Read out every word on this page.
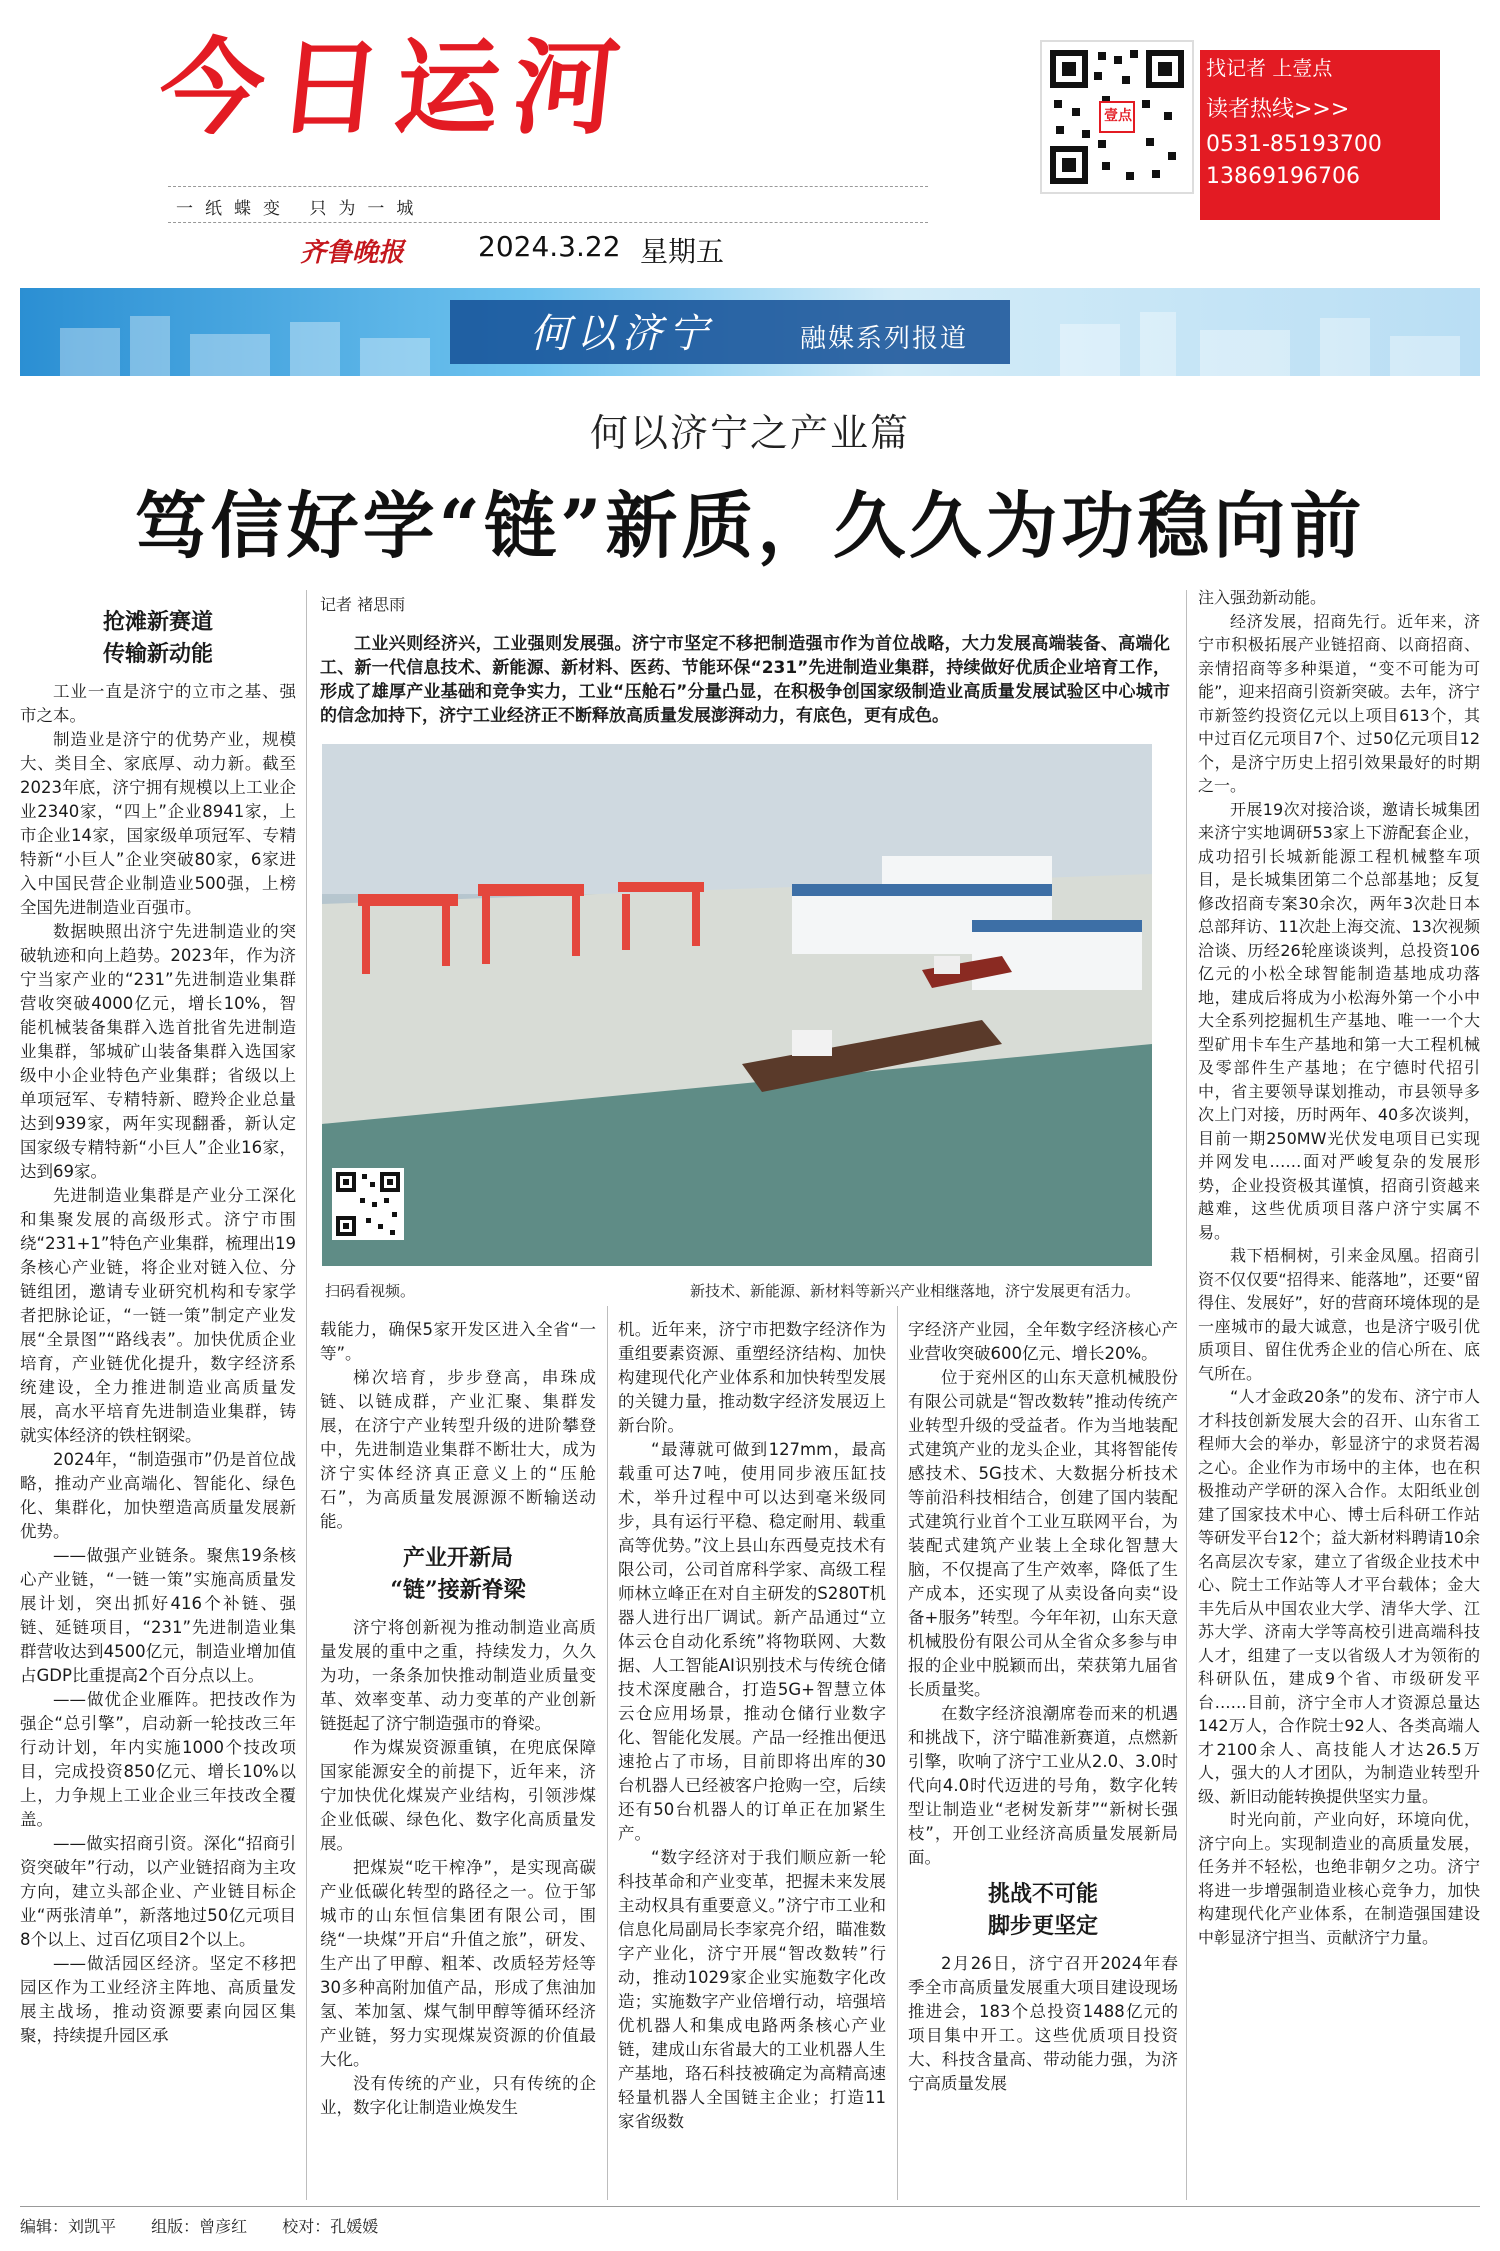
今日运河
一纸蝶变 只为一城
齐鲁晚报	2024.3.22 星期五
壹点
找记者 上壹点
读者热线>>>
0531-85193700
13869196706
何以济宁	融媒系列报道
何以济宁之产业篇
笃信好学“链”新质，久久为功稳向前
记者 褚思雨
工业兴则经济兴，工业强则发展强。济宁市坚定不移把制造强市作为首位战略，大力发展高端装备、高端化工、新一代信息技术、新能源、新材料、医药、节能环保“231”先进制造业集群，持续做好优质企业培育工作，形成了雄厚产业基础和竞争实力，工业“压舱石”分量凸显，在积极争创国家级制造业高质量发展试验区中心城市的信念加持下，济宁工业经济正不断释放高质量发展澎湃动力，有底色，更有成色。
扫码看视频。	新技术、新能源、新材料等新兴产业相继落地，济宁发展更有活力。
抢滩新赛道
传输新动能

工业一直是济宁的立市之基、强市之本。

制造业是济宁的优势产业，规模大、类目全、家底厚、动力新。截至2023年底，济宁拥有规模以上工业企业2340家，“四上”企业8941家，上市企业14家，国家级单项冠军、专精特新“小巨人”企业突破80家，6家进入中国民营企业制造业500强，上榜全国先进制造业百强市。

数据映照出济宁先进制造业的突破轨迹和向上趋势。2023年，作为济宁当家产业的“231”先进制造业集群营收突破4000亿元，增长10%，智能机械装备集群入选首批省先进制造业集群，邹城矿山装备集群入选国家级中小企业特色产业集群；省级以上单项冠军、专精特新、瞪羚企业总量达到939家，两年实现翻番，新认定国家级专精特新“小巨人”企业16家，达到69家。

先进制造业集群是产业分工深化和集聚发展的高级形式。济宁市围绕“231+1”特色产业集群，梳理出19条核心产业链，将企业对链入位、分链组团，邀请专业研究机构和专家学者把脉论证，“一链一策”制定产业发展“全景图”“路线表”。加快优质企业培育，产业链优化提升，数字经济系统建设，全力推进制造业高质量发展，高水平培育先进制造业集群，铸就实体经济的铁柱钢梁。

2024年，“制造强市”仍是首位战略，推动产业高端化、智能化、绿色化、集群化，加快塑造高质量发展新优势。

——做强产业链条。聚焦19条核心产业链，“一链一策”实施高质量发展计划，突出抓好416个补链、强链、延链项目，“231”先进制造业集群营收达到4500亿元，制造业增加值占GDP比重提高2个百分点以上。

——做优企业雁阵。把技改作为强企“总引擎”，启动新一轮技改三年行动计划，年内实施1000个技改项目，完成投资850亿元、增长10%以上，力争规上工业企业三年技改全覆盖。

——做实招商引资。深化“招商引资突破年”行动，以产业链招商为主攻方向，建立头部企业、产业链目标企业“两张清单”，新落地过50亿元项目8个以上、过百亿项目2个以上。

——做活园区经济。坚定不移把园区作为工业经济主阵地、高质量发展主战场，推动资源要素向园区集聚，持续提升园区承

载能力，确保5家开发区进入全省“一等”。

梯次培育，步步登高，串珠成链、以链成群，产业汇聚、集群发展，在济宁产业转型升级的进阶攀登中，先进制造业集群不断壮大，成为济宁实体经济真正意义上的“压舱石”，为高质量发展源源不断输送动能。

产业开新局
“链”接新脊梁

济宁将创新视为推动制造业高质量发展的重中之重，持续发力，久久为功，一条条加快推动制造业质量变革、效率变革、动力变革的产业创新链挺起了济宁制造强市的脊梁。

作为煤炭资源重镇，在兜底保障国家能源安全的前提下，近年来，济宁加快优化煤炭产业结构，引领涉煤企业低碳、绿色化、数字化高质量发展。

把煤炭“吃干榨净”，是实现高碳产业低碳化转型的路径之一。位于邹城市的山东恒信集团有限公司，围绕“一块煤”开启“升值之旅”，研发、生产出了甲醇、粗苯、改质轻芳烃等30多种高附加值产品，形成了焦油加氢、苯加氢、煤气制甲醇等循环经济产业链，努力实现煤炭资源的价值最大化。

没有传统的产业，只有传统的企业，数字化让制造业焕发生

机。近年来，济宁市把数字经济作为重组要素资源、重塑经济结构、加快构建现代化产业体系和加快转型发展的关键力量，推动数字经济发展迈上新台阶。

“最薄就可做到127mm，最高载重可达7吨，使用同步液压缸技术，举升过程中可以达到毫米级同步，具有运行平稳、稳定耐用、载重高等优势。”汶上县山东西曼克技术有限公司，公司首席科学家、高级工程师林立峰正在对自主研发的S280T机器人进行出厂调试。新产品通过“立体云仓自动化系统”将物联网、大数据、人工智能AI识别技术与传统仓储技术深度融合，打造5G+智慧立体云仓应用场景，推动仓储行业数字化、智能化发展。产品一经推出便迅速抢占了市场，目前即将出库的30台机器人已经被客户抢购一空，后续还有50台机器人的订单正在加紧生产。

“数字经济对于我们顺应新一轮科技革命和产业变革，把握未来发展主动权具有重要意义。”济宁市工业和信息化局副局长李家亮介绍，瞄准数字产业化，济宁开展“智改数转”行动，推动1029家企业实施数字化改造；实施数字产业倍增行动，培强培优机器人和集成电路两条核心产业链，建成山东省最大的工业机器人生产基地，珞石科技被确定为高精高速轻量机器人全国链主企业；打造11家省级数

字经济产业园，全年数字经济核心产业营收突破600亿元、增长20%。

位于兖州区的山东天意机械股份有限公司就是“智改数转”推动传统产业转型升级的受益者。作为当地装配式建筑产业的龙头企业，其将智能传感技术、5G技术、大数据分析技术等前沿科技相结合，创建了国内装配式建筑行业首个工业互联网平台，为装配式建筑产业装上全球化智慧大脑，不仅提高了生产效率，降低了生产成本，还实现了从卖设备向卖“设备+服务”转型。今年年初，山东天意机械股份有限公司从全省众多参与申报的企业中脱颖而出，荣获第九届省长质量奖。

在数字经济浪潮席卷而来的机遇和挑战下，济宁瞄准新赛道，点燃新引擎，吹响了济宁工业从2.0、3.0时代向4.0时代迈进的号角，数字化转型让制造业“老树发新芽”“新树长强枝”，开创工业经济高质量发展新局面。

挑战不可能
脚步更坚定

2月26日，济宁召开2024年春季全市高质量发展重大项目建设现场推进会，183个总投资1488亿元的项目集中开工。这些优质项目投资大、科技含量高、带动能力强，为济宁高质量发展

注入强劲新动能。

经济发展，招商先行。近年来，济宁市积极拓展产业链招商、以商招商、亲情招商等多种渠道，“变不可能为可能”，迎来招商引资新突破。去年，济宁市新签约投资亿元以上项目613个，其中过百亿元项目7个、过50亿元项目12个，是济宁历史上招引效果最好的时期之一。

开展19次对接洽谈，邀请长城集团来济宁实地调研53家上下游配套企业，成功招引长城新能源工程机械整车项目，是长城集团第二个总部基地；反复修改招商专案30余次，两年3次赴日本总部拜访、11次赴上海交流、13次视频洽谈、历经26轮座谈谈判，总投资106亿元的小松全球智能制造基地成功落地，建成后将成为小松海外第一个小中大全系列挖掘机生产基地、唯一一个大型矿用卡车生产基地和第一大工程机械及零部件生产基地；在宁德时代招引中，省主要领导谋划推动，市县领导多次上门对接，历时两年、40多次谈判，目前一期250MW光伏发电项目已实现并网发电……面对严峻复杂的发展形势，企业投资极其谨慎，招商引资越来越难，这些优质项目落户济宁实属不易。

栽下梧桐树，引来金凤凰。招商引资不仅仅要“招得来、能落地”，还要“留得住、发展好”，好的营商环境体现的是一座城市的最大诚意，也是济宁吸引优质项目、留住优秀企业的信心所在、底气所在。

“人才金政20条”的发布、济宁市人才科技创新发展大会的召开、山东省工程师大会的举办，彰显济宁的求贤若渴之心。企业作为市场中的主体，也在积极推动产学研的深入合作。太阳纸业创建了国家技术中心、博士后科研工作站等研发平台12个；益大新材料聘请10余名高层次专家，建立了省级企业技术中心、院士工作站等人才平台载体；金大丰先后从中国农业大学、清华大学、江苏大学、济南大学等高校引进高端科技人才，组建了一支以省级人才为领衔的科研队伍，建成9个省、市级研发平台……目前，济宁全市人才资源总量达142万人，合作院士92人、各类高端人才2100余人、高技能人才达26.5万人，强大的人才团队，为制造业转型升级、新旧动能转换提供坚实力量。

时光向前，产业向好，环境向优，济宁向上。实现制造业的高质量发展，任务并不轻松，也绝非朝夕之功。济宁将进一步增强制造业核心竞争力，加快构建现代化产业体系，在制造强国建设中彰显济宁担当、贡献济宁力量。

编辑：刘凯平 组版：曾彦红 校对：孔媛媛
